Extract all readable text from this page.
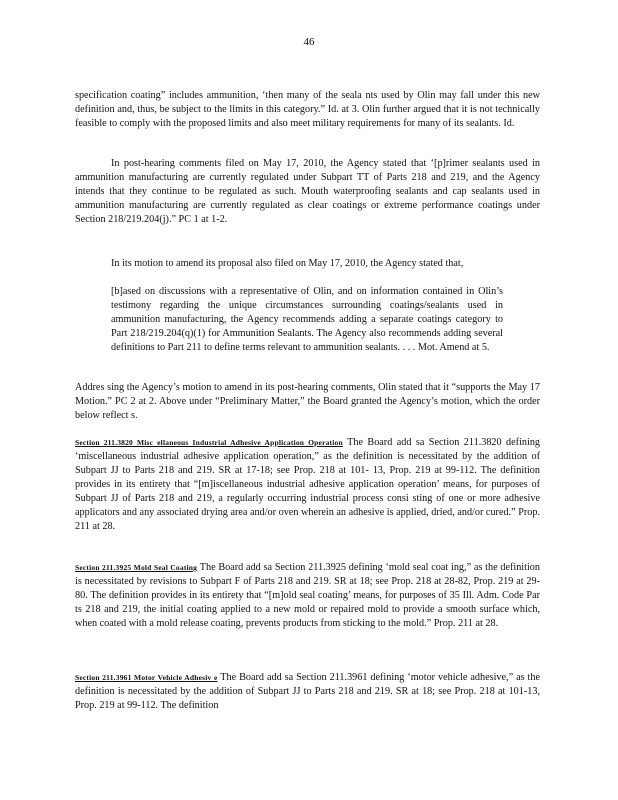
46

specification coating” includes ammunition, ‘then many of the seala nts used by Olin may fall under this new definition and, thus, be subject to the limits in this category.” Id. at 3. Olin further argued that it is not technically feasible to comply with the proposed limits and also meet military requirements for many of its sealants. Id.

In post-hearing comments filed on May 17, 2010, the Agency stated that ‘[p]rimer sealants used in ammunition manufacturing are currently regulated under Subpart TT of Parts 218 and 219, and the Agency intends that they continue to be regulated as such. Mouth waterproofing sealants and cap sealants used in ammunition manufacturing are currently regulated as clear coatings or extreme performance coatings under Section 218/219.204(j).” PC 1 at 1-2.

In its motion to amend its proposal also filed on May 17, 2010, the Agency stated that,

[b]ased on discussions with a representative of Olin, and on information contained in Olin’s testimony regarding the unique circumstances surrounding coatings/sealants used in ammunition manufacturing, the Agency recommends adding a separate coatings category to Part 218/219.204(q)(1) for Ammunition Sealants. The Agency also recommends adding several definitions to Part 211 to define terms relevant to ammunition sealants. . . . Mot. Amend at 5.

Addres sing the Agency’s motion to amend in its post-hearing comments, Olin stated that it “supports the May 17 Motion.” PC 2 at 2. Above under “Preliminary Matter,” the Board granted the Agency’s motion, which the order below reflect s.

Section 211.3820 Misc ellaneous Industrial Adhesive Application Operation The Board add sa Section 211.3820 defining ‘miscellaneous industrial adhesive application operation,” as the definition is necessitated by the addition of Subpart JJ to Parts 218 and 219. SR at 17-18; see Prop. 218 at 101- 13, Prop. 219 at 99-112. The definition provides in its entirety that “[m]iscellaneous industrial adhesive application operation’ means, for purposes of Subpart JJ of Parts 218 and 219, a regularly occurring industrial process consi sting of one or more adhesive applicators and any associated drying area and/or oven wherein an adhesive is applied, dried, and/or cured.” Prop. 211 at 28.

Section 211.3925 Mold Seal Coating The Board add sa Section 211.3925 defining ‘mold seal coat ing,” as the definition is necessitated by revisions to Subpart F of Parts 218 and 219. SR at 18; see Prop. 218 at 28-82, Prop. 219 at 29-80. The definition provides in its entirety that “[m]old seal coating’ means, for purposes of 35 Ill. Adm. Code Par ts 218 and 219, the initial coating applied to a new mold or repaired mold to provide a smooth surface which, when coated with a mold release coating, prevents products from sticking to the mold.” Prop. 211 at 28.

Section 211.3961 Motor Vehicle Adhesiv e The Board add sa Section 211.3961 defining ‘motor vehicle adhesive,” as the definition is necessitated by the addition of Subpart JJ to Parts 218 and 219. SR at 18; see Prop. 218 at 101-13, Prop. 219 at 99-112. The definition
